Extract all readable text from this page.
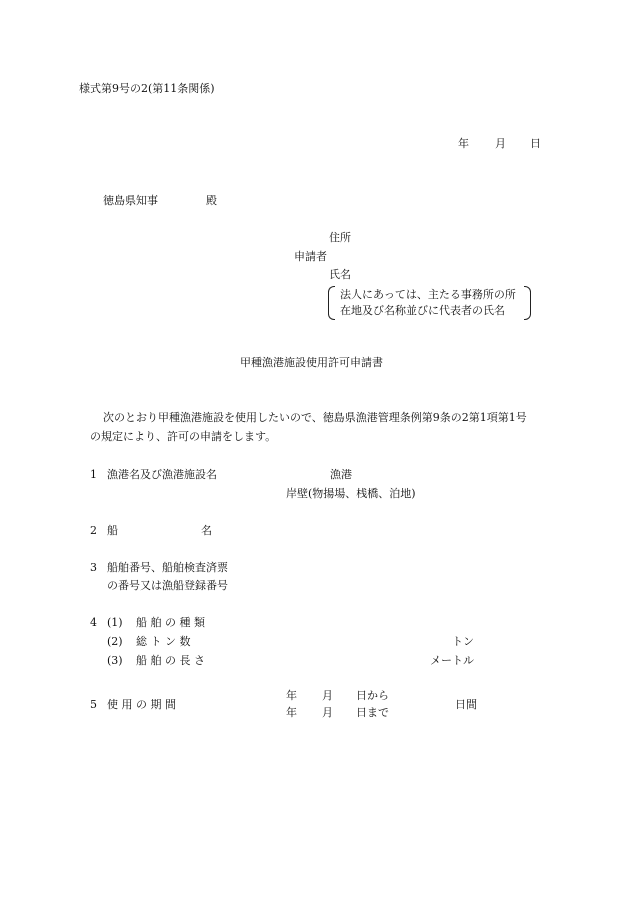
様式第9号の2(第11条関係)
年 月 日
徳島県知事	殿
住所
申請者
氏名
法人にあっては、主たる事務所の所
在地及び名称並びに代表者の氏名
甲種漁港施設使用許可申請書
次のとおり甲種漁港施設を使用したいので、徳島県漁港管理条例第9条の2第1項第1号
の規定により、許可の申請をします。
1 漁港名及び漁港施設名	漁港
岸壁(物揚場、桟橋、泊地)
2 船	名
3 船舶番号、船舶検査済票
の番号又は漁船登録番号
4 (1) 船 舶 の 種 類
(2) 総 ト ン 数	トン
(3) 船 舶 の 長 さ	メートル
5 使 用 の 期 間
年 月 日から
年 月 日まで
日間
